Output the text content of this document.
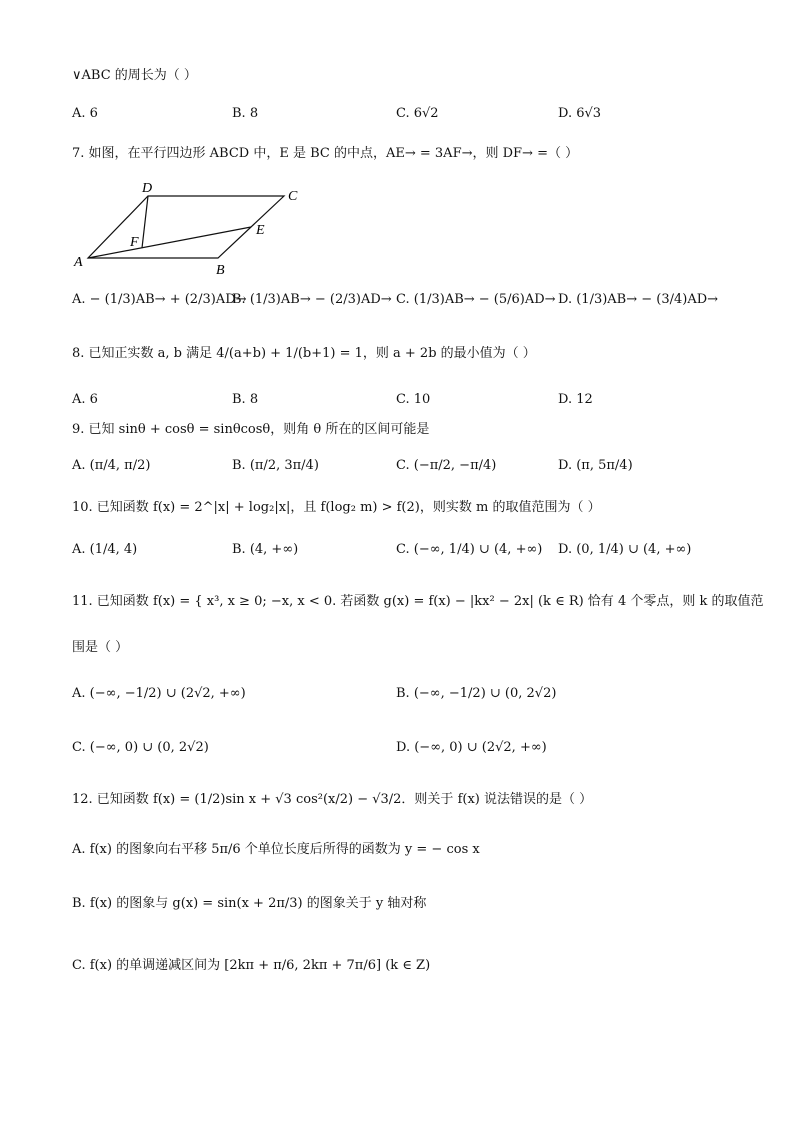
∨ABC 的周长为（ ）
A. 6	B. 8	C. 6√2	D. 6√3
7. 如图，在平行四边形 ABCD 中，E 是 BC 的中点，AE→ = 3AF→，则 DF→ =（ ）
A
B
C
D
E
F
A. − (1/3)AB→ + (2/3)AD→
B. (1/3)AB→ − (2/3)AD→ C. (1/3)AB→ − (5/6)AD→ D. (1/3)AB→ − (3/4)AD→
8. 已知正实数 a, b 满足 4/(a+b) + 1/(b+1) = 1，则 a + 2b 的最小值为（ ）
A. 6	B. 8	C. 10	D. 12
9. 已知 sinθ + cosθ = sinθcosθ，则角 θ 所在的区间可能是
A. (π/4, π/2)	B. (π/2, 3π/4)	C. (−π/2, −π/4)	D. (π, 5π/4)
10. 已知函数 f(x) = 2^|x| + log₂|x|，且 f(log₂ m) > f(2)，则实数 m 的取值范围为（ ）
A. (1/4, 4)	B. (4, +∞)	C. (−∞, 1/4) ∪ (4, +∞) D. (0, 1/4) ∪ (4, +∞)
11. 已知函数 f(x) = { x³, x ≥ 0; −x, x < 0. 若函数 g(x) = f(x) − |kx² − 2x| (k ∈ R) 恰有 4 个零点，则 k 的取值范
围是（ ）
A. (−∞, −1/2) ∪ (2√2, +∞)	B. (−∞, −1/2) ∪ (0, 2√2)
C. (−∞, 0) ∪ (0, 2√2)	D. (−∞, 0) ∪ (2√2, +∞)
12. 已知函数 f(x) = (1/2)sin x + √3 cos²(x/2) − √3/2．则关于 f(x) 说法错误的是（ ）
A. f(x) 的图象向右平移 5π/6 个单位长度后所得的函数为 y = − cos x
B. f(x) 的图象与 g(x) = sin(x + 2π/3) 的图象关于 y 轴对称
C. f(x) 的单调递减区间为 [2kπ + π/6, 2kπ + 7π/6] (k ∈ Z)
